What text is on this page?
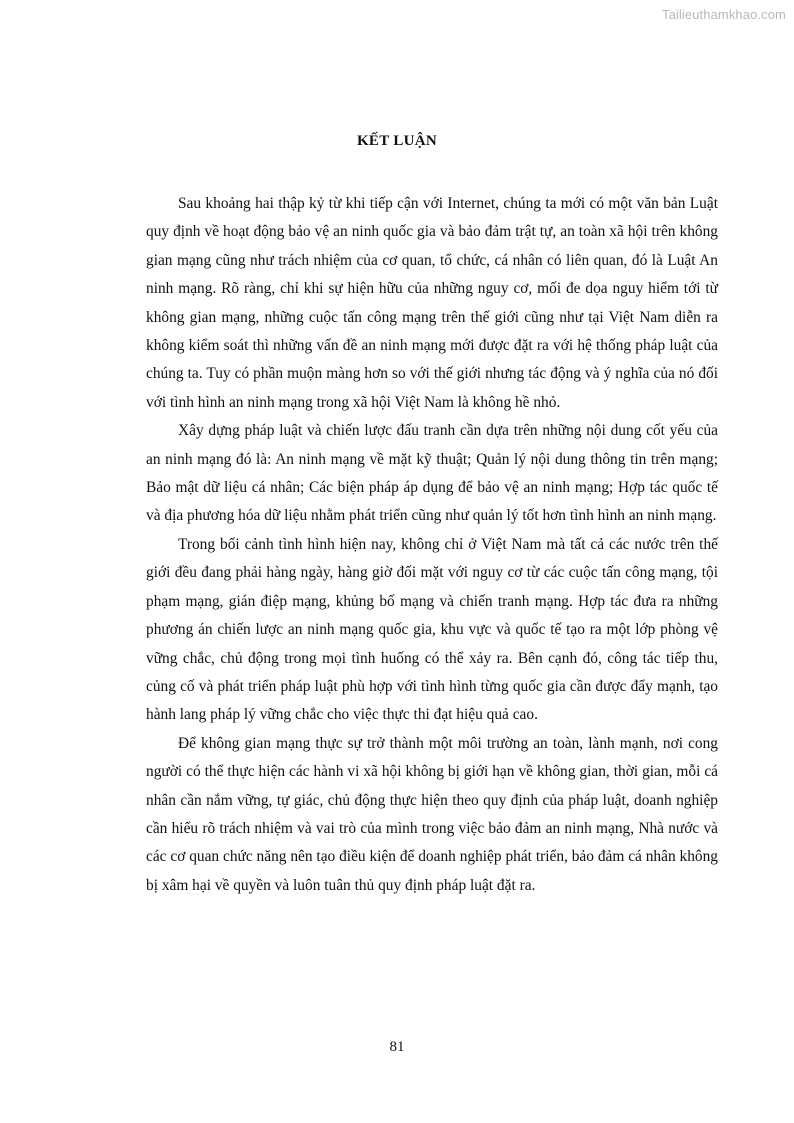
Tailieuthamkhao.com
KẾT LUẬN

Sau khoảng hai thập kỷ từ khi tiếp cận với Internet, chúng ta mới có một văn bản Luật quy định về hoạt động bảo vệ an ninh quốc gia và bảo đảm trật tự, an toàn xã hội trên không gian mạng cũng như trách nhiệm của cơ quan, tổ chức, cá nhân có liên quan, đó là Luật An ninh mạng. Rõ ràng, chỉ khi sự hiện hữu của những nguy cơ, mối đe dọa nguy hiểm tới từ không gian mạng, những cuộc tấn công mạng trên thế giới cũng như tại Việt Nam diễn ra không kiểm soát thì những vấn đề an ninh mạng mới được đặt ra với hệ thống pháp luật của chúng ta. Tuy có phần muộn màng hơn so với thế giới nhưng tác động và ý nghĩa của nó đối với tình hình an ninh mạng trong xã hội Việt Nam là không hề nhỏ.

Xây dựng pháp luật và chiến lược đấu tranh cần dựa trên những nội dung cốt yếu của an ninh mạng đó là: An ninh mạng về mặt kỹ thuật; Quản lý nội dung thông tin trên mạng; Bảo mật dữ liệu cá nhân; Các biện pháp áp dụng để bảo vệ an ninh mạng; Hợp tác quốc tế và địa phương hóa dữ liệu nhằm phát triển cũng như quản lý tốt hơn tình hình an ninh mạng.

Trong bối cảnh tình hình hiện nay, không chỉ ở Việt Nam mà tất cả các nước trên thế giới đều đang phải hàng ngày, hàng giờ đối mặt với nguy cơ từ các cuộc tấn công mạng, tội phạm mạng, gián điệp mạng, khủng bố mạng và chiến tranh mạng. Hợp tác đưa ra những phương án chiến lược an ninh mạng quốc gia, khu vực và quốc tế tạo ra một lớp phòng vệ vững chắc, chủ động trong mọi tình huống có thể xảy ra. Bên cạnh đó, công tác tiếp thu, củng cố và phát triển pháp luật phù hợp với tình hình từng quốc gia cần được đẩy mạnh, tạo hành lang pháp lý vững chắc cho việc thực thi đạt hiệu quả cao.

Để không gian mạng thực sự trở thành một môi trường an toàn, lành mạnh, nơi cong người có thể thực hiện các hành vi xã hội không bị giới hạn về không gian, thời gian, mỗi cá nhân cần nắm vững, tự giác, chủ động thực hiện theo quy định của pháp luật, doanh nghiệp cần hiểu rõ trách nhiệm và vai trò của mình trong việc bảo đảm an ninh mạng, Nhà nước và các cơ quan chức năng nên tạo điều kiện để doanh nghiệp phát triển, bảo đảm cá nhân không bị xâm hại về quyền và luôn tuân thủ quy định pháp luật đặt ra.

81
